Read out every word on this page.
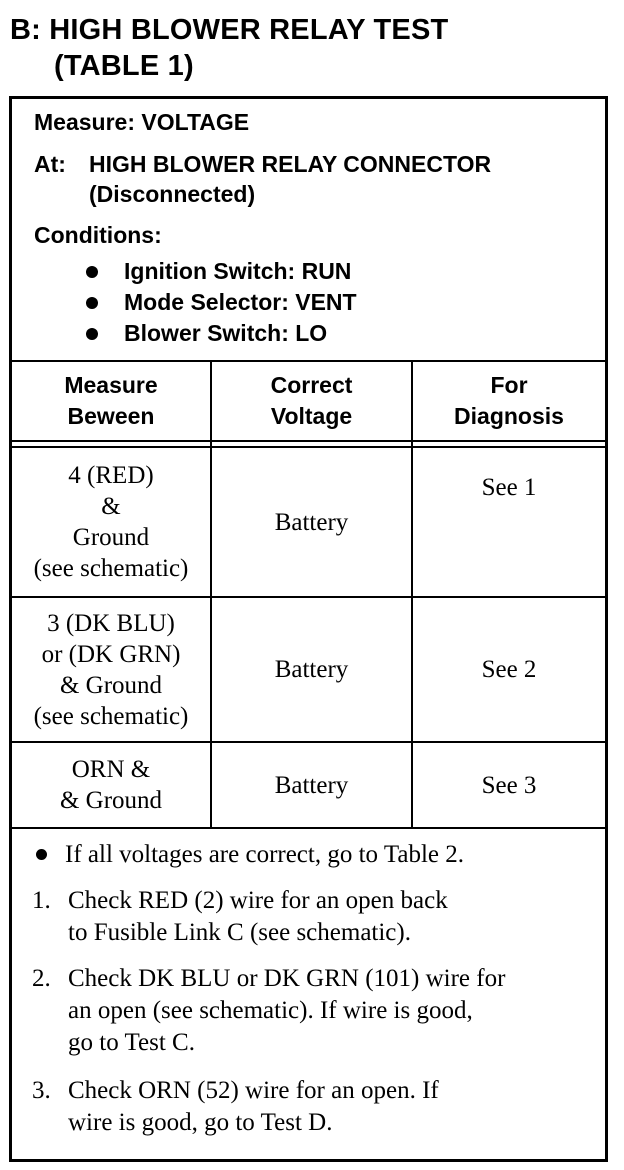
B: HIGH BLOWER RELAY TEST
(TABLE 1)
Measure: VOLTAGE
At: HIGH BLOWER RELAY CONNECTOR
(Disconnected)
Conditions:
Ignition Switch: RUN
Mode Selector: VENT
Blower Switch: LO
Measure
Beween
Correct
Voltage
For
Diagnosis
4 (RED)
&
Ground
(see schematic)
Battery
See 1
3 (DK BLU)
or (DK GRN)
& Ground
(see schematic)
Battery	See 2
ORN &
& Ground
Battery	See 3
If all voltages are correct, go to Table 2.
1. Check RED (2) wire for an open back
to Fusible Link C (see schematic).
2. Check DK BLU or DK GRN (101) wire for
an open (see schematic). If wire is good,
go to Test C.
3. Check ORN (52) wire for an open. If
wire is good, go to Test D.
